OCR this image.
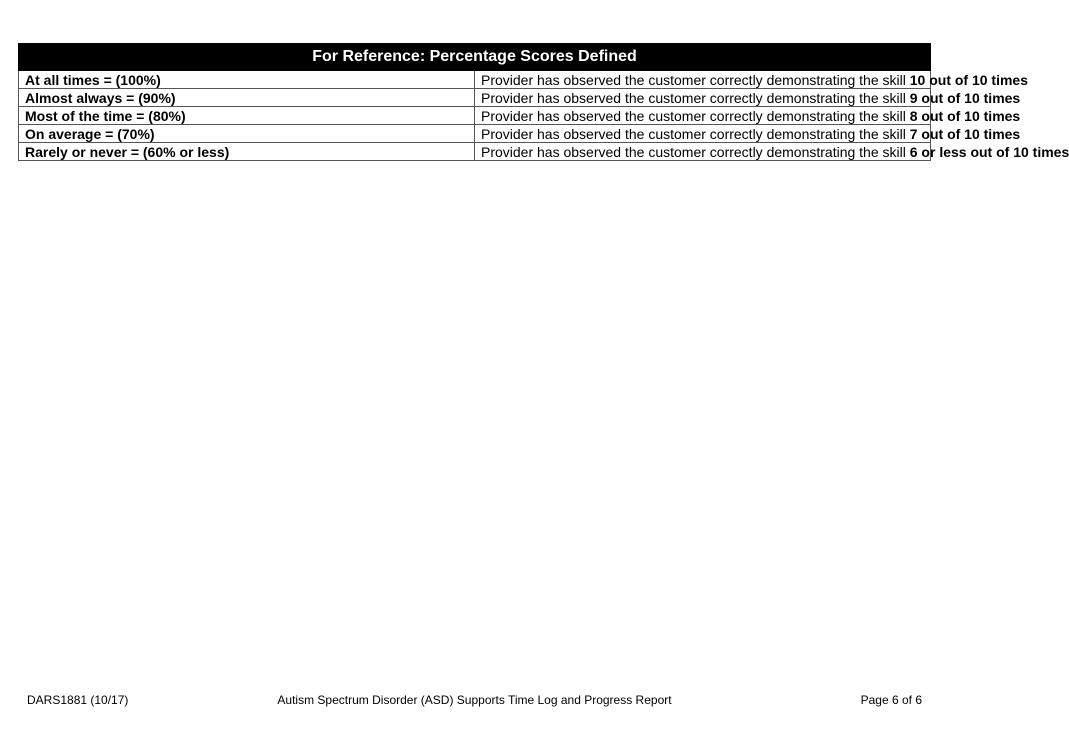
For Reference: Percentage Scores Defined	
At all times = (100%)	Provider has observed the customer correctly demonstrating the skill 10 out of 10 times
Almost always = (90%)	Provider has observed the customer correctly demonstrating the skill 9 out of 10 times
Most of the time = (80%)	Provider has observed the customer correctly demonstrating the skill 8 out of 10 times
On average = (70%)	Provider has observed the customer correctly demonstrating the skill 7 out of 10 times
Rarely or never = (60% or less)	Provider has observed the customer correctly demonstrating the skill 6 or less out of 10 times
DARS1881 (10/17)	Autism Spectrum Disorder (ASD) Supports Time Log and Progress Report	Page 6 of 6
